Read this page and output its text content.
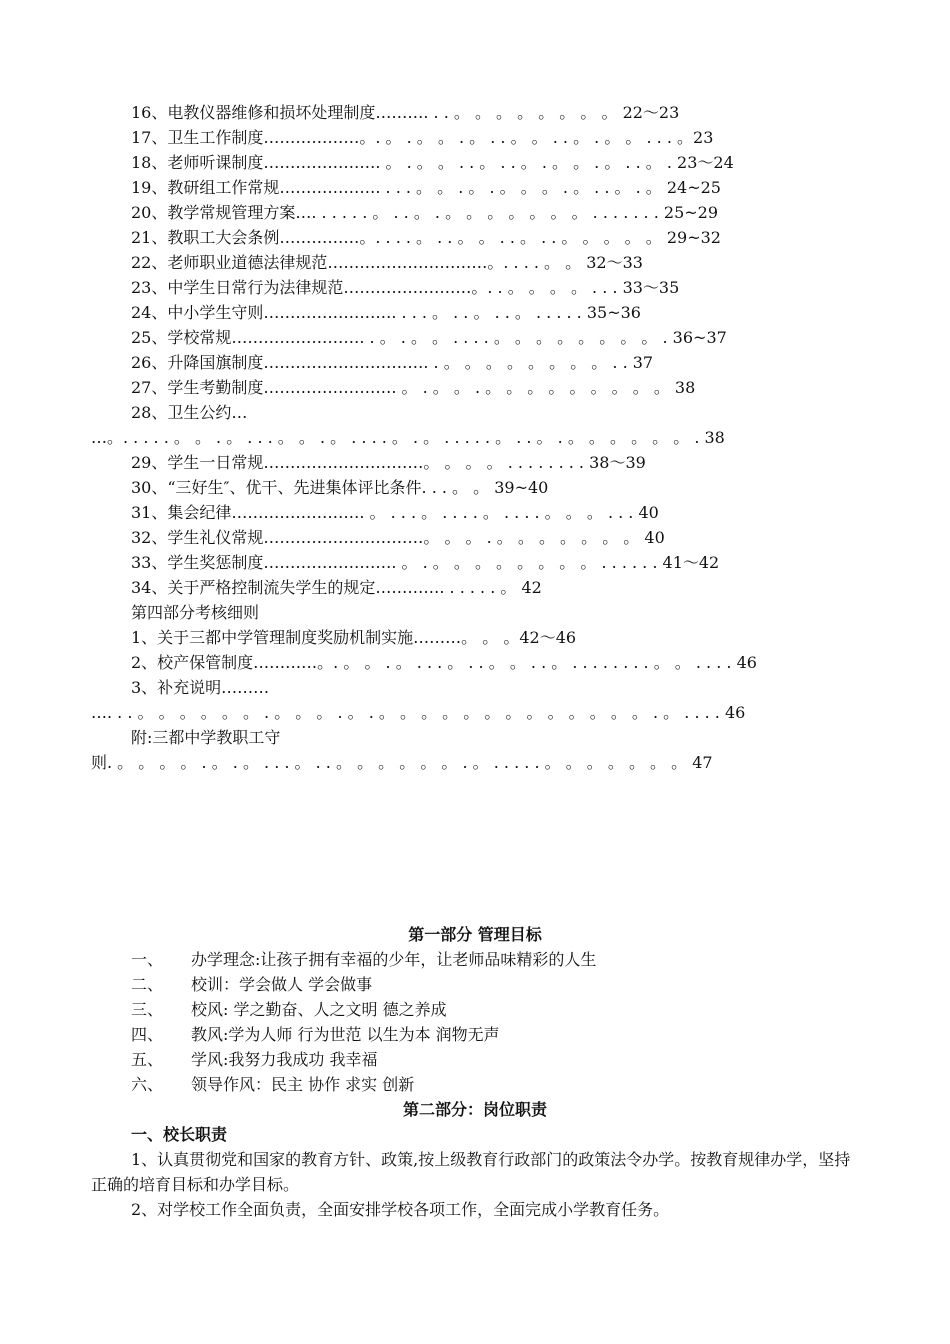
16、电教仪器维修和损坏处理制度………. . . 。 。 。 。 。 。 。 。 22～23
17、卫生工作制度………………。. 。 . 。 。 . 。 . . 。 。 . . 。 . 。 。 . . . 。23
18、老师听课制度…………………. 。 . 。 。 . . 。 . . 。 . 。 。 . 。 . . 。 . 23～24
19、教研组工作常规………………. . . . 。 。 . 。 . 。 。 。 . 。 . . 。 . 。 24~25
20、教学常规管理方案…. . . . . . 。 . . 。 . 。 。 。 。 。 。 。 . . . . . . . 25~29
21、教职工大会条例……………。. . . . 。 . . 。 。 . . 。 . . 。 。 。 。 。 29~32
22、老师职业道德法律规范…………………………。. . . . 。 。 32～33
23、中学生日常行为法律规范……………………。. . 。 。 。 。 . . . 33～35
24、中小学生守则……………………. . . . 。 . . 。 . . 。 . . . . . 35~36
25、学校常规……………………. . 。 . 。 。 . . . . 。 。 。 。 。 。 。 。 . 36~37
26、升降国旗制度…………………………. . 。 。 。 。 。 。 。 。 . . 37
27、学生考勤制度……………………. 。 . 。 。 . 。 。 。 。 。 。 。 。 。 38
28、卫生公约…
…。. . . . . 。 。 . 。 . . . 。 。 . 。 . . . . 。 . 。 . . . . . 。 . . 。 . 。 。 。 。 。 。 . 38
29、学生一日常规…………………………。 。 。 。 . . . . . . . . 38～39
30、“三好生″、优干、先进集体评比条件. . . 。 。 39~40
31、集会纪律……………………. 。 . . . 。 . . . . 。 . . . . 。 。 。 . . . 40
32、学生礼仪常规…………………………。 。 。 . 。 。 。 。 。 。 。 40
33、学生奖惩制度……………………. 。 . 。 。 。 。 。 。 。 。 . . . . . . 41～42
34、关于严格控制流失学生的规定…………. . . . . . 。 42
第四部分考核细则
1、关于三都中学管理制度奖励机制实施………。 。 。42～46
2、校产保管制度…………。. 。 。 . 。 . . . 。 . . 。 。 . . 。 . . . . . . . . 。 。 . . . . 46
3、补充说明………
…. . . 。 。 。 。 。 。 . 。 。 。 . 。 . 。 。 。 。 。 。 。 。 。 。 。 。 。 . 。 . . . . 46
附:三都中学教职工守
则. 。 。 。 。 . 。 . 。 . . . 。 . . 。 。 。 。 。 。 . 。 . . . . . 。 。 。 。 。 。 。 47
第一部分 管理目标
一、 办学理念:让孩子拥有幸福的少年，让老师品味精彩的人生
二、 校训：学会做人 学会做事
三、 校风: 学之勤奋、人之文明 德之养成
四、 教风:学为人师 行为世范 以生为本 润物无声
五、 学风:我努力我成功 我幸福
六、 领导作风：民主 协作 求实 创新
第二部分：岗位职责
一、校长职责
1、认真贯彻党和国家的教育方针、政策,按上级教育行政部门的政策法令办学。按教育规律办学，坚持正确的培育目标和办学目标。
2、对学校工作全面负责，全面安排学校各项工作，全面完成小学教育任务。
